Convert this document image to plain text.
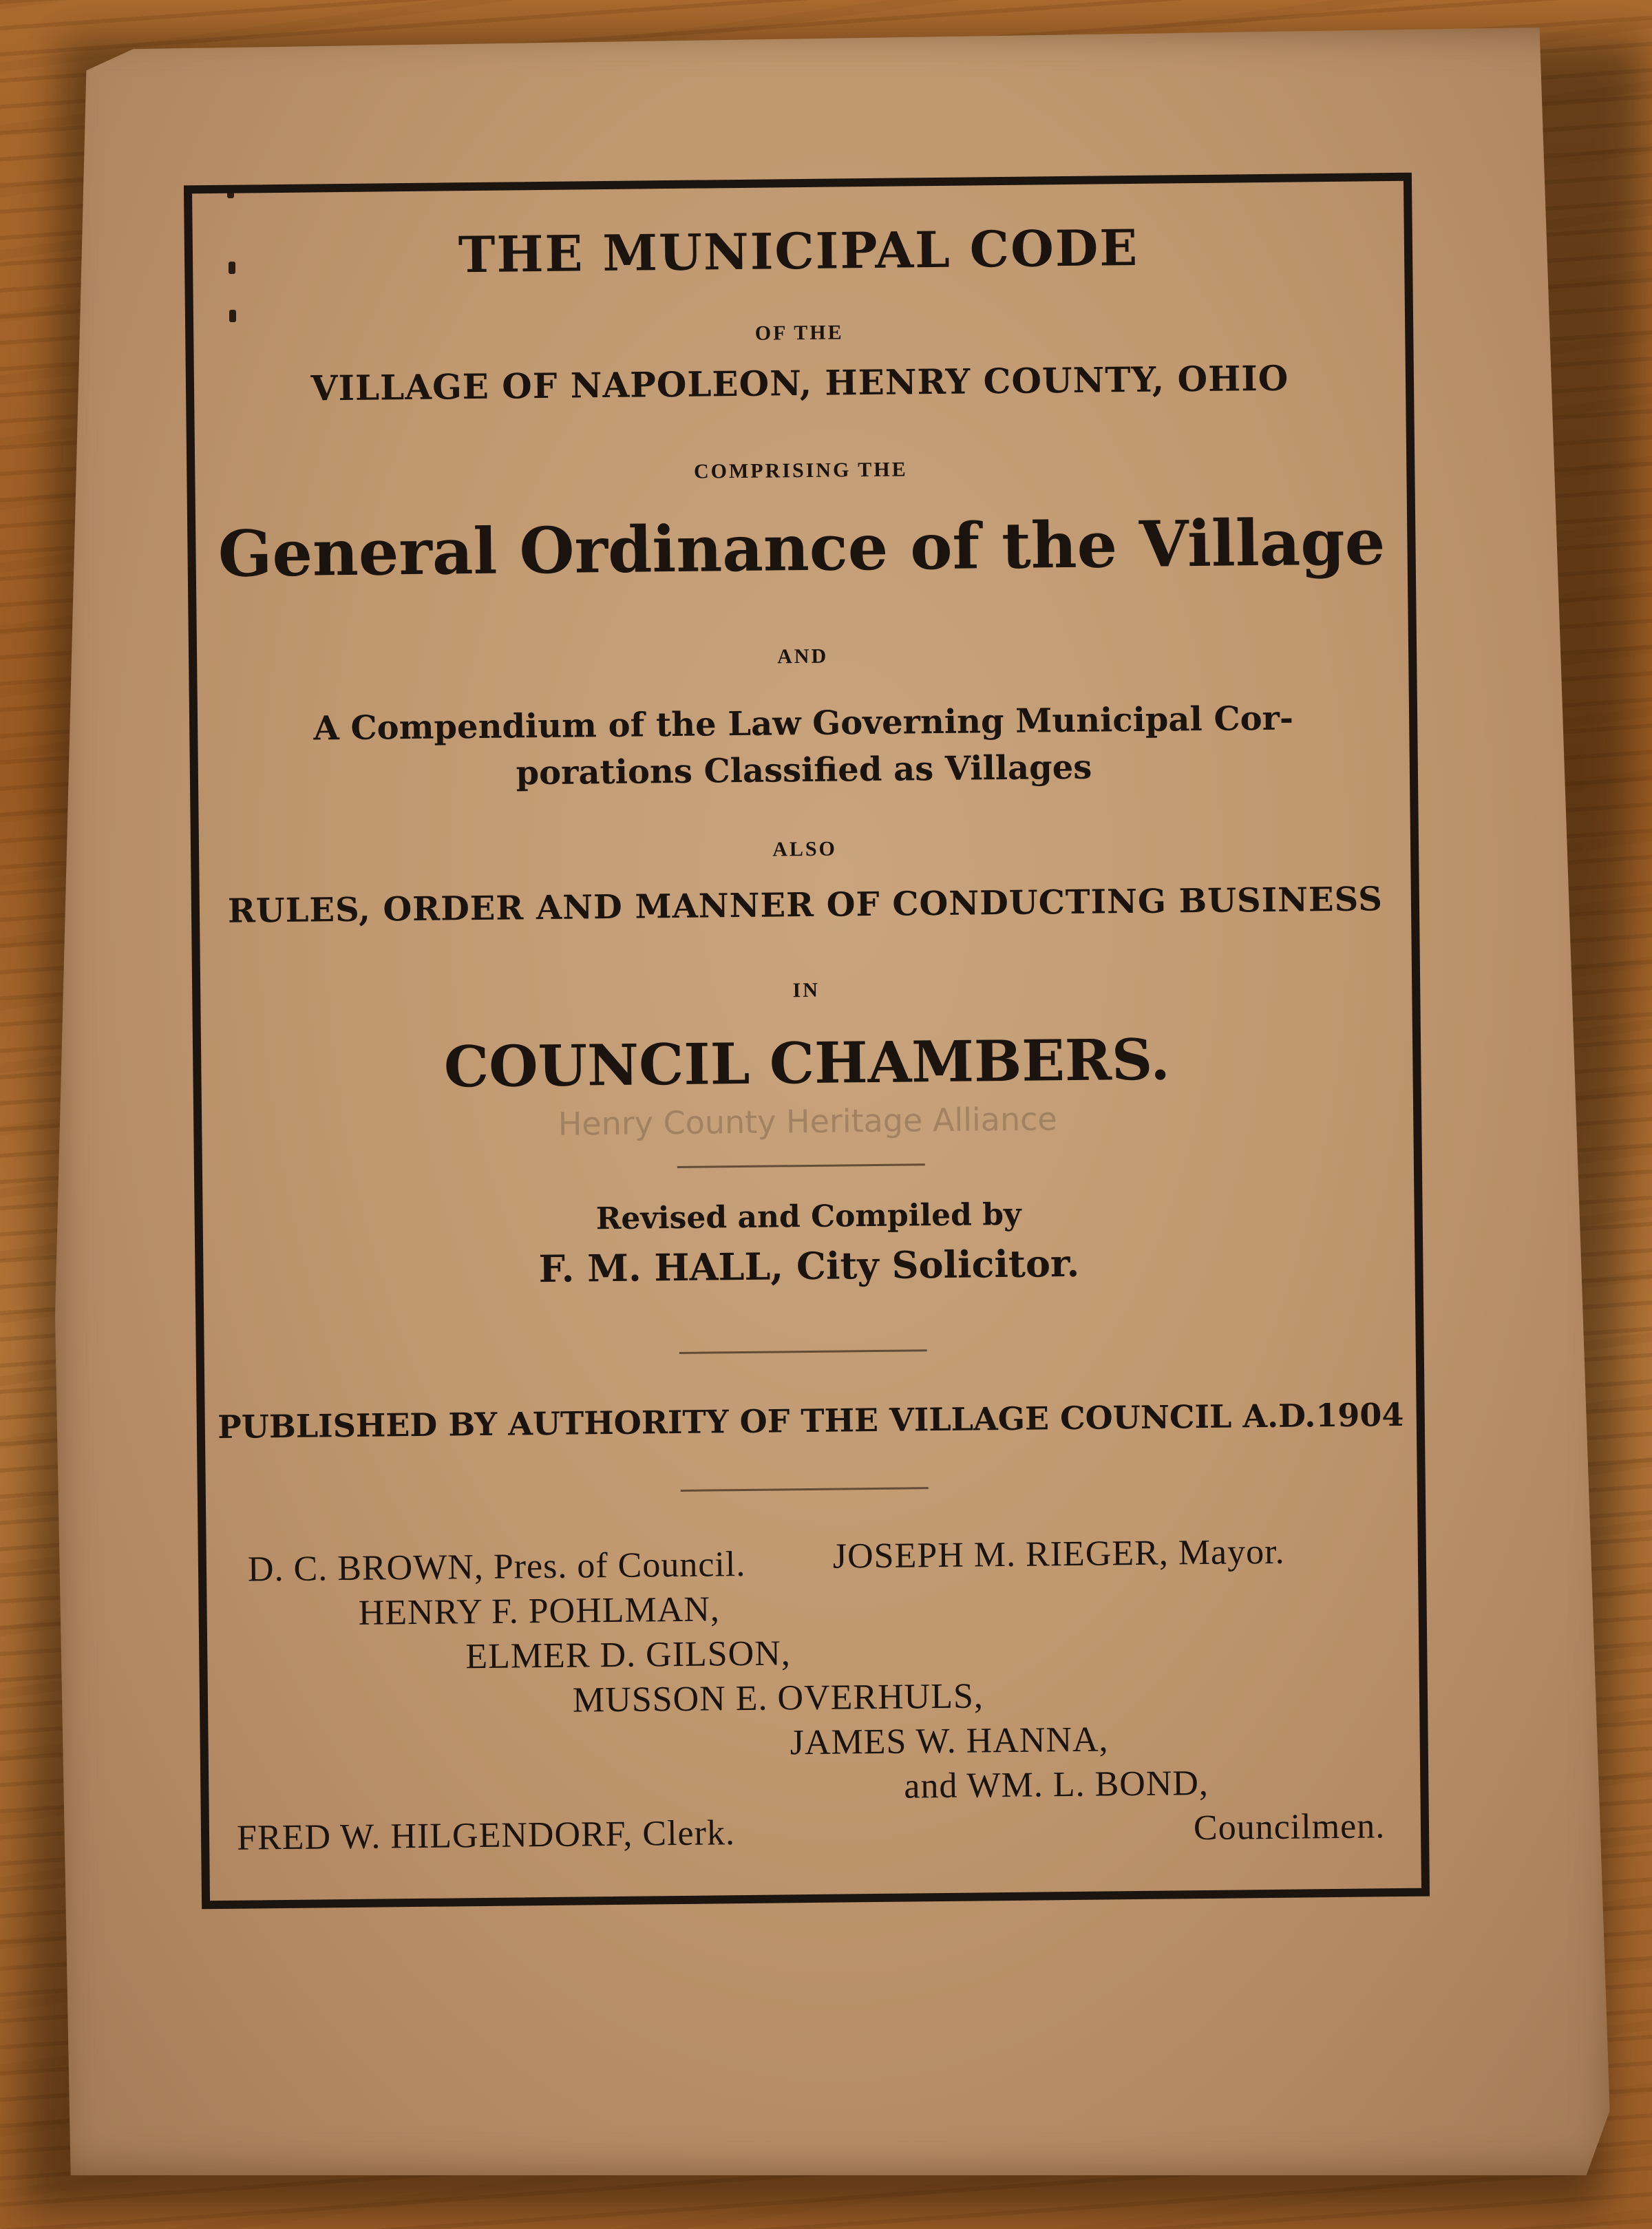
THE MUNICIPAL CODE
OF THE
VILLAGE OF NAPOLEON, HENRY COUNTY, OHIO
COMPRISING THE
General Ordinance of the Village
AND
A Compendium of the Law Governing Municipal Cor-
porations Classified as Villages
ALSO
RULES, ORDER AND MANNER OF CONDUCTING BUSINESS
IN
COUNCIL CHAMBERS.
Henry County Heritage Alliance
Revised and Compiled by
F. M. HALL, City Solicitor.
PUBLISHED BY AUTHORITY OF THE VILLAGE COUNCIL A.D.1904
D. C. BROWN, Pres. of Council. JOSEPH M. RIEGER, Mayor.
HENRY F. POHLMAN,
ELMER D. GILSON,
MUSSON E. OVERHULS,
JAMES W. HANNA,
and WM. L. BOND,
FRED W. HILGENDORF, Clerk.	Councilmen.
